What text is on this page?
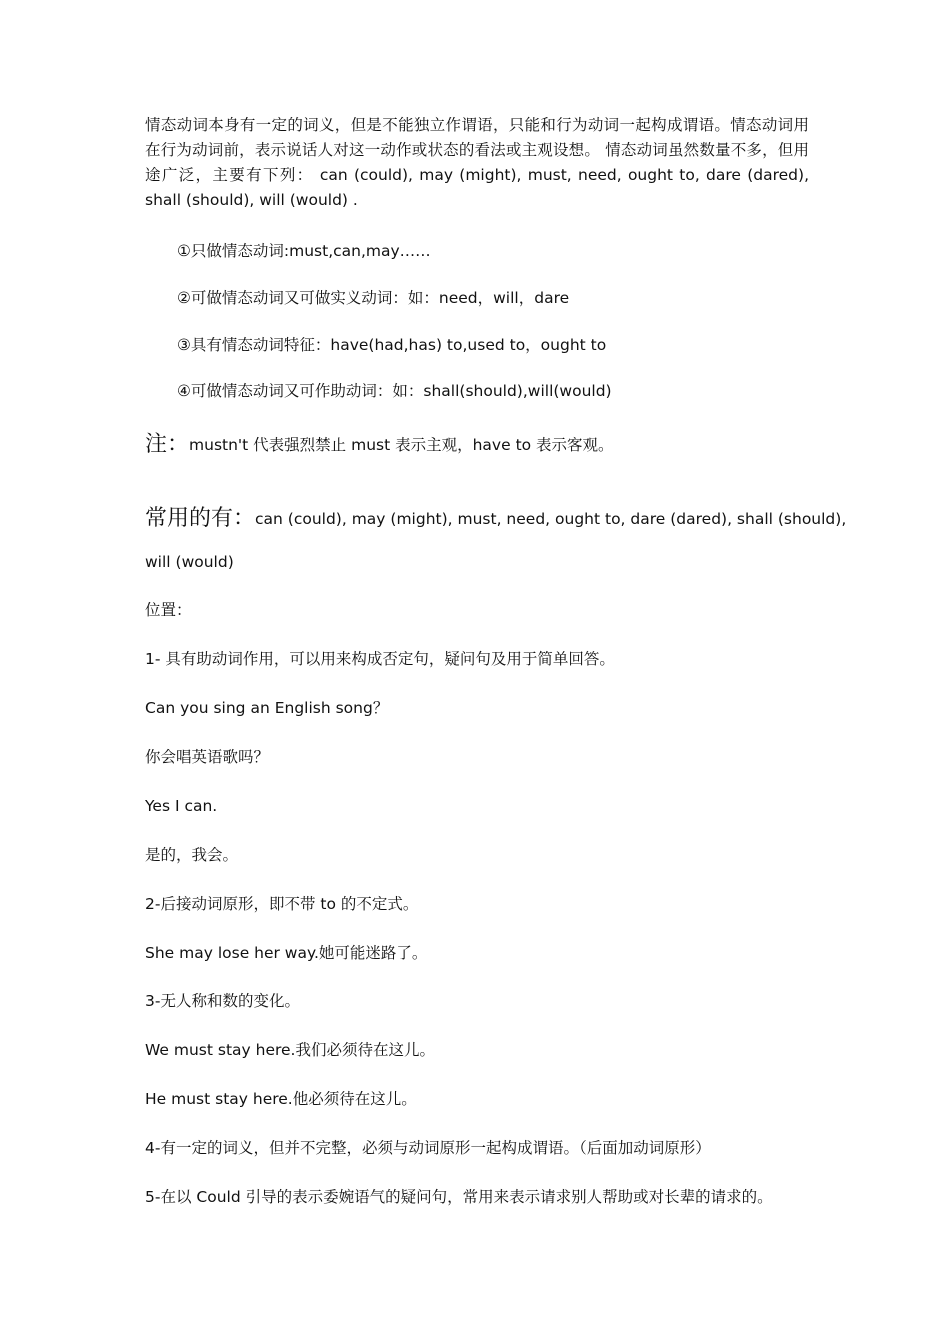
情态动词本身有一定的词义，但是不能独立作谓语，只能和行为动词一起构成谓语。情态动词用在行为动词前，表示说话人对这一动作或状态的看法或主观设想。 情态动词虽然数量不多，但用途广泛，主要有下列： can (could), may (might), must, need, ought to, dare (dared), shall (should), will (would) .

①只做情态动词:must,can,may……

②可做情态动词又可做实义动词：如：need，will，dare

③具有情态动词特征：have(had,has) to,used to，ought to

④可做情态动词又可作助动词：如：shall(should),will(would)

注：mustn't 代表强烈禁止 must 表示主观，have to 表示客观。

常用的有：can (could), may (might), must, need, ought to, dare (dared), shall (should),

will (would)

位置：

1- 具有助动词作用，可以用来构成否定句，疑问句及用于简单回答。

Can you sing an English song？

你会唱英语歌吗？

Yes I can.

是的，我会。

2-后接动词原形，即不带 to 的不定式。

She may lose her way.她可能迷路了。

3-无人称和数的变化。

We must stay here.我们必须待在这儿。

He must stay here.他必须待在这儿。

4-有一定的词义，但并不完整，必须与动词原形一起构成谓语。（后面加动词原形）

5-在以 Could 引导的表示委婉语气的疑问句，常用来表示请求别人帮助或对长辈的请求的。
